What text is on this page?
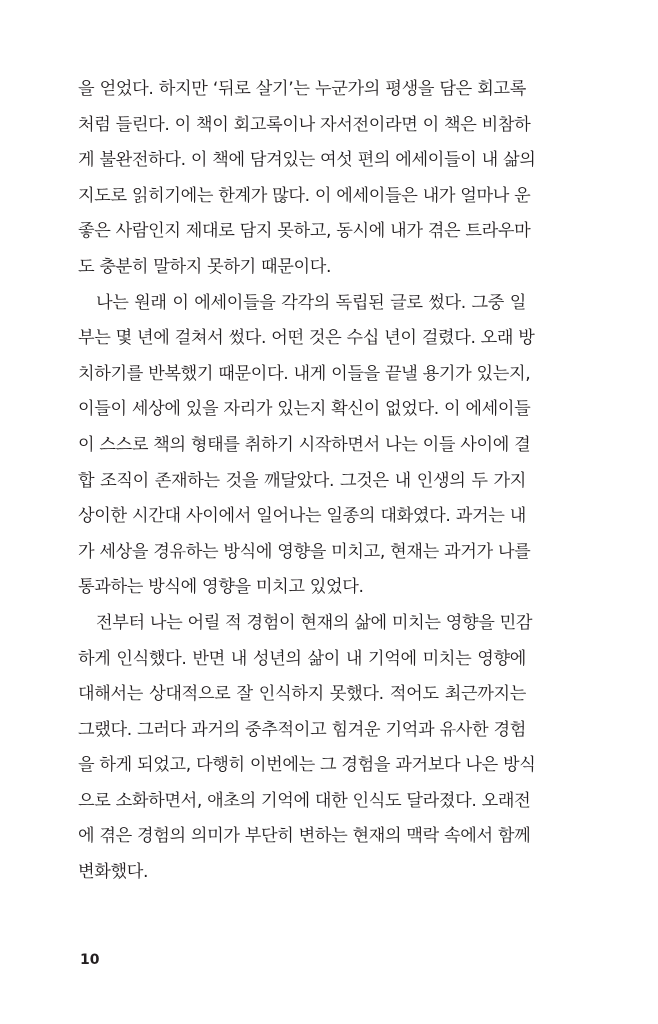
을 얻었다. 하지만 ‘뒤로 살기’는 누군가의 평생을 담은 회고록
처럼 들린다. 이 책이 회고록이나 자서전이라면 이 책은 비참하
게 불완전하다. 이 책에 담겨있는 여섯 편의 에세이들이 내 삶의
지도로 읽히기에는 한계가 많다. 이 에세이들은 내가 얼마나 운
좋은 사람인지 제대로 담지 못하고, 동시에 내가 겪은 트라우마
도 충분히 말하지 못하기 때문이다.
나는 원래 이 에세이들을 각각의 독립된 글로 썼다. 그중 일
부는 몇 년에 걸쳐서 썼다. 어떤 것은 수십 년이 걸렸다. 오래 방
치하기를 반복했기 때문이다. 내게 이들을 끝낼 용기가 있는지,
이들이 세상에 있을 자리가 있는지 확신이 없었다. 이 에세이들
이 스스로 책의 형태를 취하기 시작하면서 나는 이들 사이에 결
합 조직이 존재하는 것을 깨달았다. 그것은 내 인생의 두 가지
상이한 시간대 사이에서 일어나는 일종의 대화였다. 과거는 내
가 세상을 경유하는 방식에 영향을 미치고, 현재는 과거가 나를
통과하는 방식에 영향을 미치고 있었다.
전부터 나는 어릴 적 경험이 현재의 삶에 미치는 영향을 민감
하게 인식했다. 반면 내 성년의 삶이 내 기억에 미치는 영향에
대해서는 상대적으로 잘 인식하지 못했다. 적어도 최근까지는
그랬다. 그러다 과거의 중추적이고 힘겨운 기억과 유사한 경험
을 하게 되었고, 다행히 이번에는 그 경험을 과거보다 나은 방식
으로 소화하면서, 애초의 기억에 대한 인식도 달라졌다. 오래전
에 겪은 경험의 의미가 부단히 변하는 현재의 맥락 속에서 함께
변화했다.
10
